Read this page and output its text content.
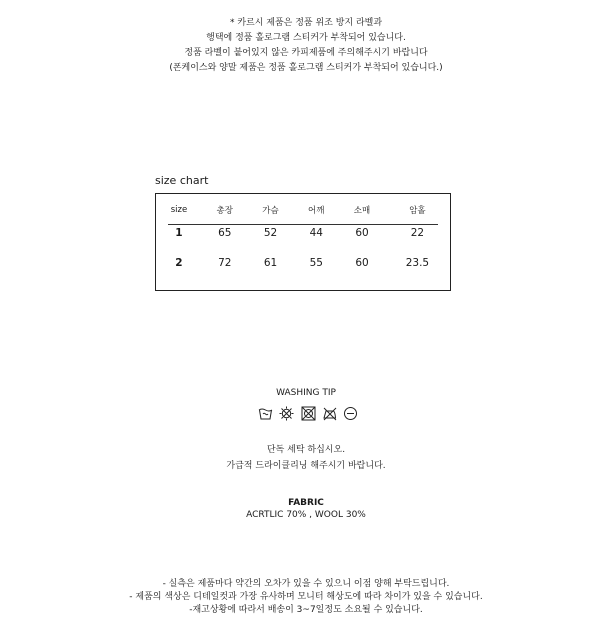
* 카르시 제품은 정품 위조 방지 라벨과
행택에 정품 홀로그램 스티커가 부착되어 있습니다.
정품 라벨이 붙어있지 않은 카피제품에 주의해주시기 바랍니다
(폰케이스와 양말 제품은 정품 홀로그램 스티커가 부착되어 있습니다.)
size chart
size	총장	가슴	어깨	소매	암홀
1	65	52	44	60	22
2	72	61	55	60	23.5
WASHING TIP
단독 세탁 하십시오.
가급적 드라이클리닝 해주시기 바랍니다.
FABRIC
ACRTLIC 70% , WOOL 30%
- 실측은 제품마다 약간의 오차가 있을 수 있으니 이점 양해 부탁드립니다.
- 제품의 색상은 디테일컷과 가장 유사하며 모니터 해상도에 따라 차이가 있을 수 있습니다.
-재고상황에 따라서 배송이 3~7일정도 소요될 수 있습니다.
